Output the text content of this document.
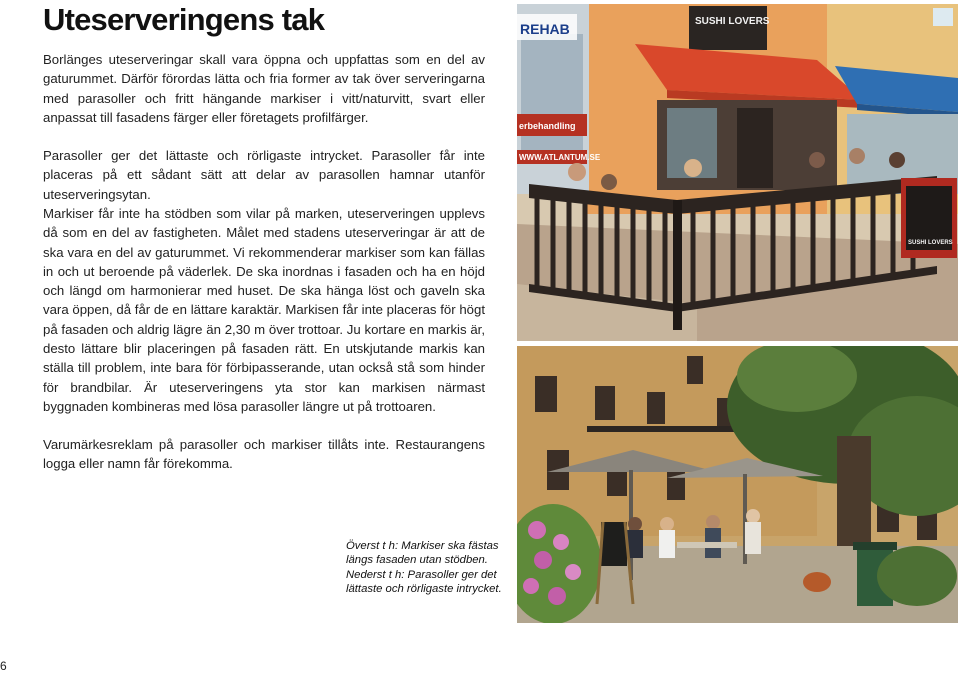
Uteserveringens tak

Borlänges uteserveringar skall vara öppna och uppfattas som en del av gaturummet. Därför förordas lätta och fria former av tak över serveringarna med parasoller och fritt hängande markiser i vitt/naturvitt, svart eller anpassat till fasadens färger eller företagets profilfärger.

Parasoller ger det lättaste och rörligaste intrycket. Parasoller får inte placeras på ett sådant sätt att delar av parasollen hamnar utanför uteserveringsytan.

Markiser får inte ha stödben som vilar på marken, uteserveringen upplevs då som en del av fastigheten. Målet med stadens uteserveringar är att de ska vara en del av gaturummet. Vi rekommenderar markiser som kan fällas in och ut beroende på väderlek. De ska inordnas i fasaden och ha en höjd och längd om harmonierar med huset. De ska hänga löst och gaveln ska vara öppen, då får de en lättare karaktär. Markisen får inte placeras för högt på fasaden och aldrig lägre än 2,30 m över trottoar. Ju kortare en markis är, desto lättare blir placeringen på fasaden rätt. En utskjutande markis kan ställa till problem, inte bara för förbipasserande, utan också stå som hinder för brandbilar. Är uteserveringens yta stor kan markisen närmast byggnaden kombineras med lösa parasoller längre ut på trottoaren.

Varumärkesreklam på parasoller och markiser tillåts inte. Restaurangens logga eller namn får förekomma.

Överst t h: Markiser ska fästas längs fasaden utan stödben.
Nederst t h: Parasoller ger det lättaste och rörligaste intrycket.
6
REHAB
erbehandling
WWW.ATLANTUM.SE
SUSHI LOVERS
SUSHI LOVERS
